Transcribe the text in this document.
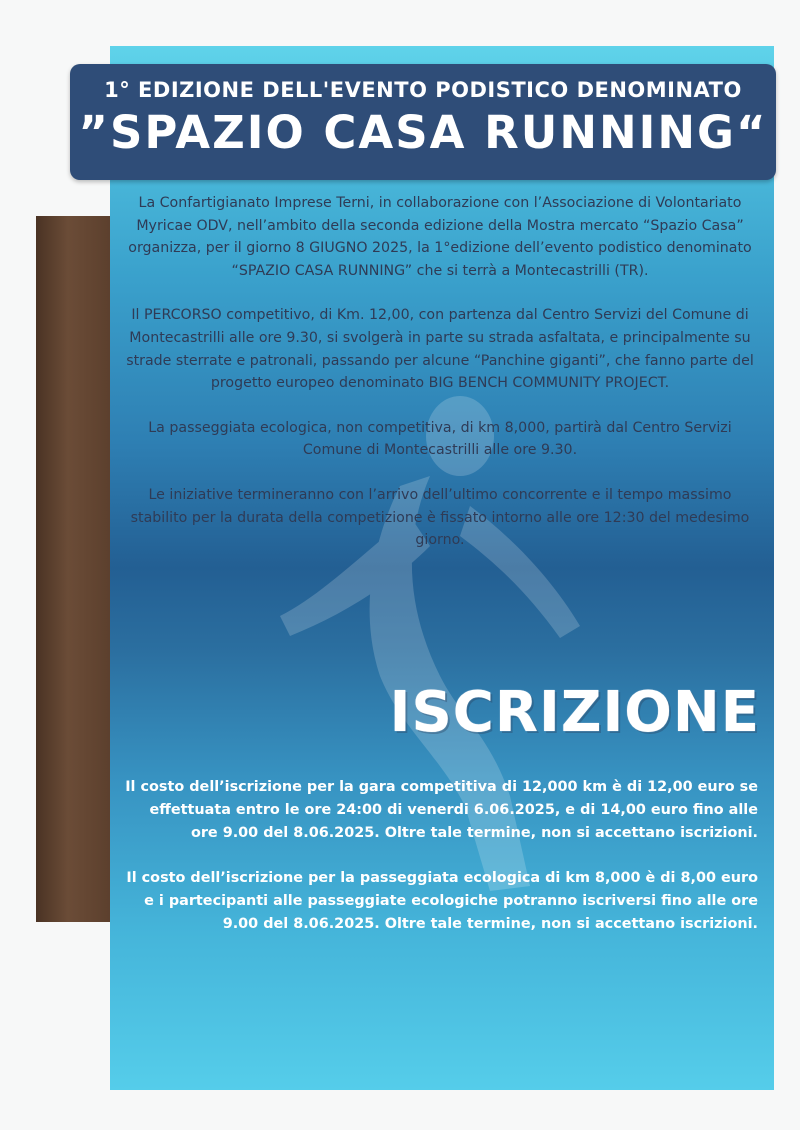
1° EDIZIONE DELL'EVENTO PODISTICO DENOMINATO
”SPAZIO CASA RUNNING“

La Confartigianato Imprese Terni, in collaborazione con l’Associazione di Volontariato Myricae ODV, nell’ambito della seconda edizione della Mostra mercato “Spazio Casa” organizza, per il giorno 8 GIUGNO 2025, la 1°edizione dell’evento podistico denominato “SPAZIO CASA RUNNING” che si terrà a Montecastrilli (TR).

Il PERCORSO competitivo, di Km. 12,00, con partenza dal Centro Servizi del Comune di Montecastrilli alle ore 9.30, si svolgerà in parte su strada asfaltata, e principalmente su strade sterrate e patronali, passando per alcune “Panchine giganti”, che fanno parte del progetto europeo denominato BIG BENCH COMMUNITY PROJECT.

La passeggiata ecologica, non competitiva, di km 8,000, partirà dal Centro Servizi Comune di Montecastrilli alle ore 9.30.

Le iniziative termineranno con l’arrivo dell’ultimo concorrente e il tempo massimo stabilito per la durata della competizione è fissato intorno alle ore 12:30 del medesimo giorno.

ISCRIZIONE

Il costo dell’iscrizione per la gara competitiva di 12,000 km è di 12,00 euro se effettuata entro le ore 24:00 di venerdi 6.06.2025, e di 14,00 euro fino alle ore 9.00 del 8.06.2025. Oltre tale termine, non si accettano iscrizioni.

Il costo dell’iscrizione per la passeggiata ecologica di km 8,000 è di 8,00 euro e i partecipanti alle passeggiate ecologiche potranno iscriversi fino alle ore 9.00 del 8.06.2025. Oltre tale termine, non si accettano iscrizioni.
